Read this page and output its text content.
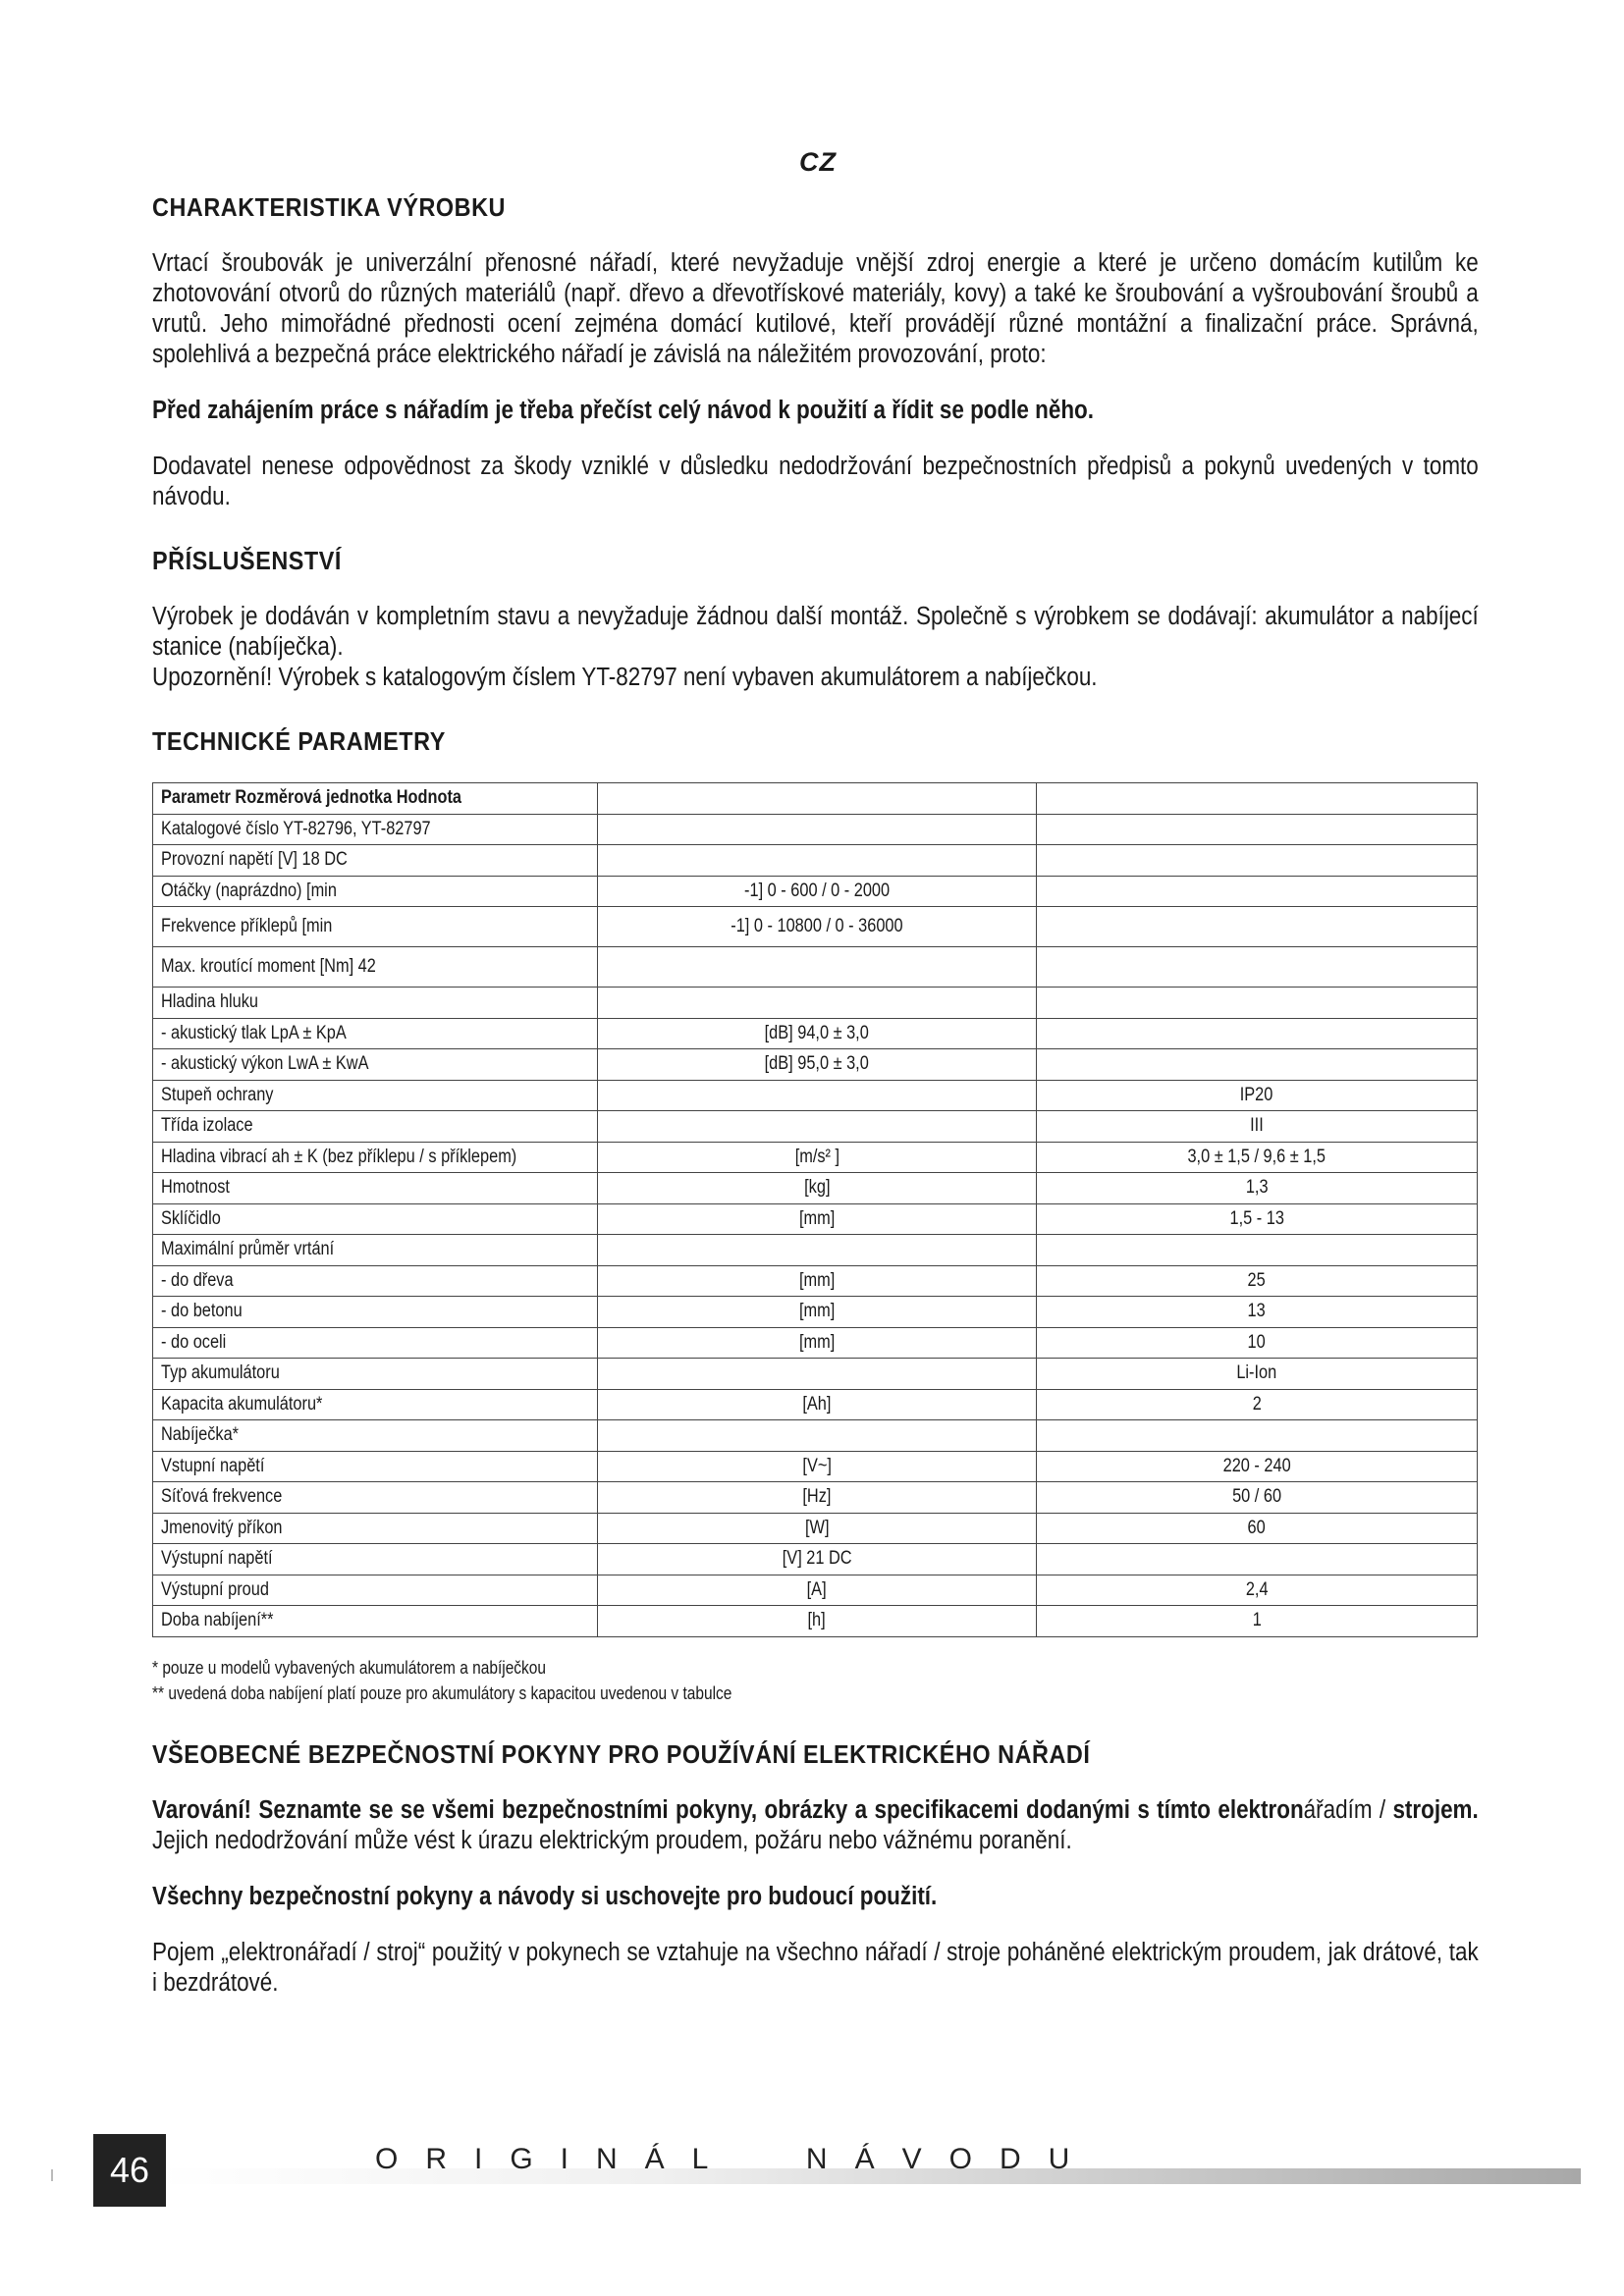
CZ
CHARAKTERISTIKA VÝROBKU

Vrtací šroubovák je univerzální přenosné nářadí, které nevyžaduje vnější zdroj energie a které je určeno domácím kutilům ke zhotovování otvorů do různých materiálů (např. dřevo a dřevotřískové materiály, kovy) a také ke šroubování a vyšroubování šroubů a vrutů. Jeho mimořádné přednosti ocení zejména domácí kutilové, kteří provádějí různé montážní a finalizační práce. Správná, spolehlivá a bezpečná práce elektrického nářadí je závislá na náležitém provozování, proto:

Před zahájením práce s nářadím je třeba přečíst celý návod k použití a řídit se podle něho.

Dodavatel nenese odpovědnost za škody vzniklé v důsledku nedodržování bezpečnostních předpisů a pokynů uvedených v tomto návodu.

PŘÍSLUŠENSTVÍ

Výrobek je dodáván v kompletním stavu a nevyžaduje žádnou další montáž. Společně s výrobkem se dodávají: akumulátor a nabíjecí stanice (nabíječka).

Upozornění! Výrobek s katalogovým číslem YT-82797 není vybaven akumulátorem a nabíječkou.

TECHNICKÉ PARAMETRY
Parametr Rozměrová jednotka Hodnota		
Katalogové číslo YT-82796, YT-82797		
Provozní napětí [V] 18 DC		
Otáčky (naprázdno) [min	-1] 0 - 600 / 0 - 2000	
Frekvence příklepů [min	-1] 0 - 10800 / 0 - 36000	
Max. kroutící moment [Nm] 42		
Hladina hluku		
- akustický tlak LpA ± KpA	[dB] 94,0 ± 3,0	
- akustický výkon LwA ± KwA	[dB] 95,0 ± 3,0	
Stupeň ochrany		IP20
Třída izolace		III
Hladina vibrací ah ± K (bez příklepu / s příklepem)	[m/s² ]	3,0 ± 1,5 / 9,6 ± 1,5
Hmotnost	[kg]	1,3
Sklíčidlo	[mm]	1,5 - 13
Maximální průměr vrtání		
- do dřeva	[mm]	25
- do betonu	[mm]	13
- do oceli	[mm]	10
Typ akumulátoru		Li-Ion
Kapacita akumulátoru*	[Ah]	2
Nabíječka*		
Vstupní napětí	[V~]	220 - 240
Síťová frekvence	[Hz]	50 / 60
Jmenovitý příkon	[W]	60
Výstupní napětí	[V] 21 DC	
Výstupní proud	[A]	2,4
Doba nabíjení**	[h]	1

* pouze u modelů vybavených akumulátorem a nabíječkou

** uvedená doba nabíjení platí pouze pro akumulátory s kapacitou uvedenou v tabulce

VŠEOBECNÉ BEZPEČNOSTNÍ POKYNY PRO POUŽÍVÁNÍ ELEKTRICKÉHO NÁŘADÍ

Varování! Seznamte se se všemi bezpečnostními pokyny, obrázky a specifikacemi dodanými s tímto elektronářadím / strojem. Jejich nedodržování může vést k úrazu elektrickým proudem, požáru nebo vážnému poranění.

Všechny bezpečnostní pokyny a návody si uschovejte pro budoucí použití.

Pojem „elektronářadí / stroj“ použitý v pokynech se vztahuje na všechno nářadí / stroje poháněné elektrickým proudem, jak drátové, tak i bezdrátové.

46	ORIGINÁL  NÁVODU
